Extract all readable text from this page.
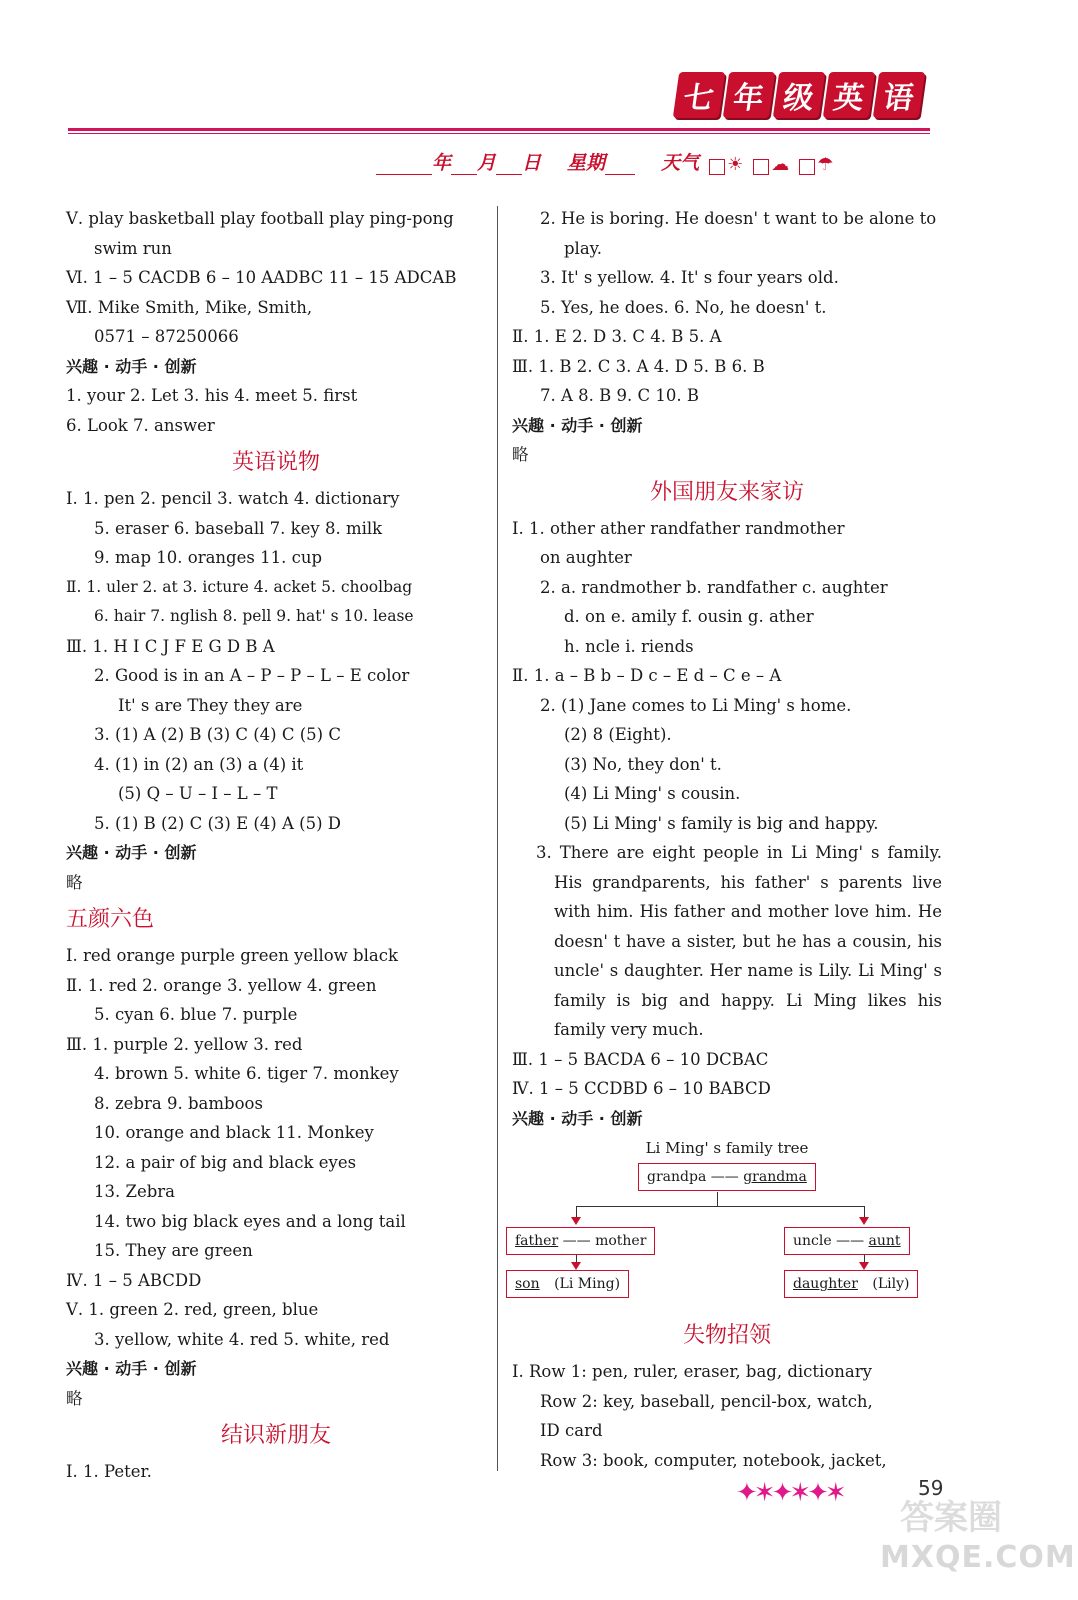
七 年 级 英 语
年 月 日 星期	天气 ☀ ☁ ☂
Ⅴ. play basketball play football play ping-pong
swim run
Ⅵ. 1 – 5 CACDB 6 – 10 AADBC 11 – 15 ADCAB
Ⅶ. Mike Smith, Mike, Smith,
0571 – 87250066
兴趣 · 动手 · 创新
1. your 2. Let 3. his 4. meet 5. first
6. Look 7. answer
英语说物
Ⅰ. 1. pen 2. pencil 3. watch 4. dictionary
5. eraser 6. baseball 7. key 8. milk
9. map 10. oranges 11. cup
Ⅱ. 1. uler 2. at 3. icture 4. acket 5. choolbag
6. hair 7. nglish 8. pell 9. hat' s 10. lease
Ⅲ. 1. H I C J F E G D B A
2. Good is in an A – P – P – L – E color
It' s are They they are
3. (1) A (2) B (3) C (4) C (5) C
4. (1) in (2) an (3) a (4) it
(5) Q – U – I – L – T
5. (1) B (2) C (3) E (4) A (5) D
兴趣 · 动手 · 创新
略
五颜六色
Ⅰ. red orange purple green yellow black
Ⅱ. 1. red 2. orange 3. yellow 4. green
5. cyan 6. blue 7. purple
Ⅲ. 1. purple 2. yellow 3. red
4. brown 5. white 6. tiger 7. monkey
8. zebra 9. bamboos
10. orange and black 11. Monkey
12. a pair of big and black eyes
13. Zebra
14. two big black eyes and a long tail
15. They are green
Ⅳ. 1 – 5 ABCDD
Ⅴ. 1. green 2. red, green, blue
3. yellow, white 4. red 5. white, red
兴趣 · 动手 · 创新
略
结识新朋友
Ⅰ. 1. Peter.
2. He is boring. He doesn' t want to be alone to
play.
3. It' s yellow. 4. It' s four years old.
5. Yes, he does. 6. No, he doesn' t.
Ⅱ. 1. E 2. D 3. C 4. B 5. A
Ⅲ. 1. B 2. C 3. A 4. D 5. B 6. B
7. A 8. B 9. C 10. B
兴趣 · 动手 · 创新
略
外国朋友来家访
Ⅰ. 1. other ather randfather randmother
on aughter
2. a. randmother b. randfather c. aughter
d. on e. amily f. ousin g. ather
h. ncle i. riends
Ⅱ. 1. a – B b – D c – E d – C e – A
2. (1) Jane comes to Li Ming' s home.
(2) 8 (Eight).
(3) No, they don' t.
(4) Li Ming' s cousin.
(5) Li Ming' s family is big and happy.
3. There are eight people in Li Ming' s family. His grandparents, his father' s parents live with him. His father and mother love him. He doesn' t have a sister, but he has a cousin, his uncle' s daughter. Her name is Lily. Li Ming' s family is big and happy. Li Ming likes his family very much.
Ⅲ. 1 – 5 BACDA 6 – 10 DCBAC
Ⅳ. 1 – 5 CCDBD 6 – 10 BABCD
兴趣 · 动手 · 创新
Li Ming' s family tree
grandpa —— grandma
father —— mother	uncle —— aunt
son (Li Ming)	daughter (Lily)
失物招领
Ⅰ. Row 1: pen, ruler, eraser, bag, dictionary
Row 2: key, baseball, pencil-box, watch,
ID card
Row 3: book, computer, notebook, jacket,
✦✶✦✶✦✶	59
答案圈
MXQE.COM
